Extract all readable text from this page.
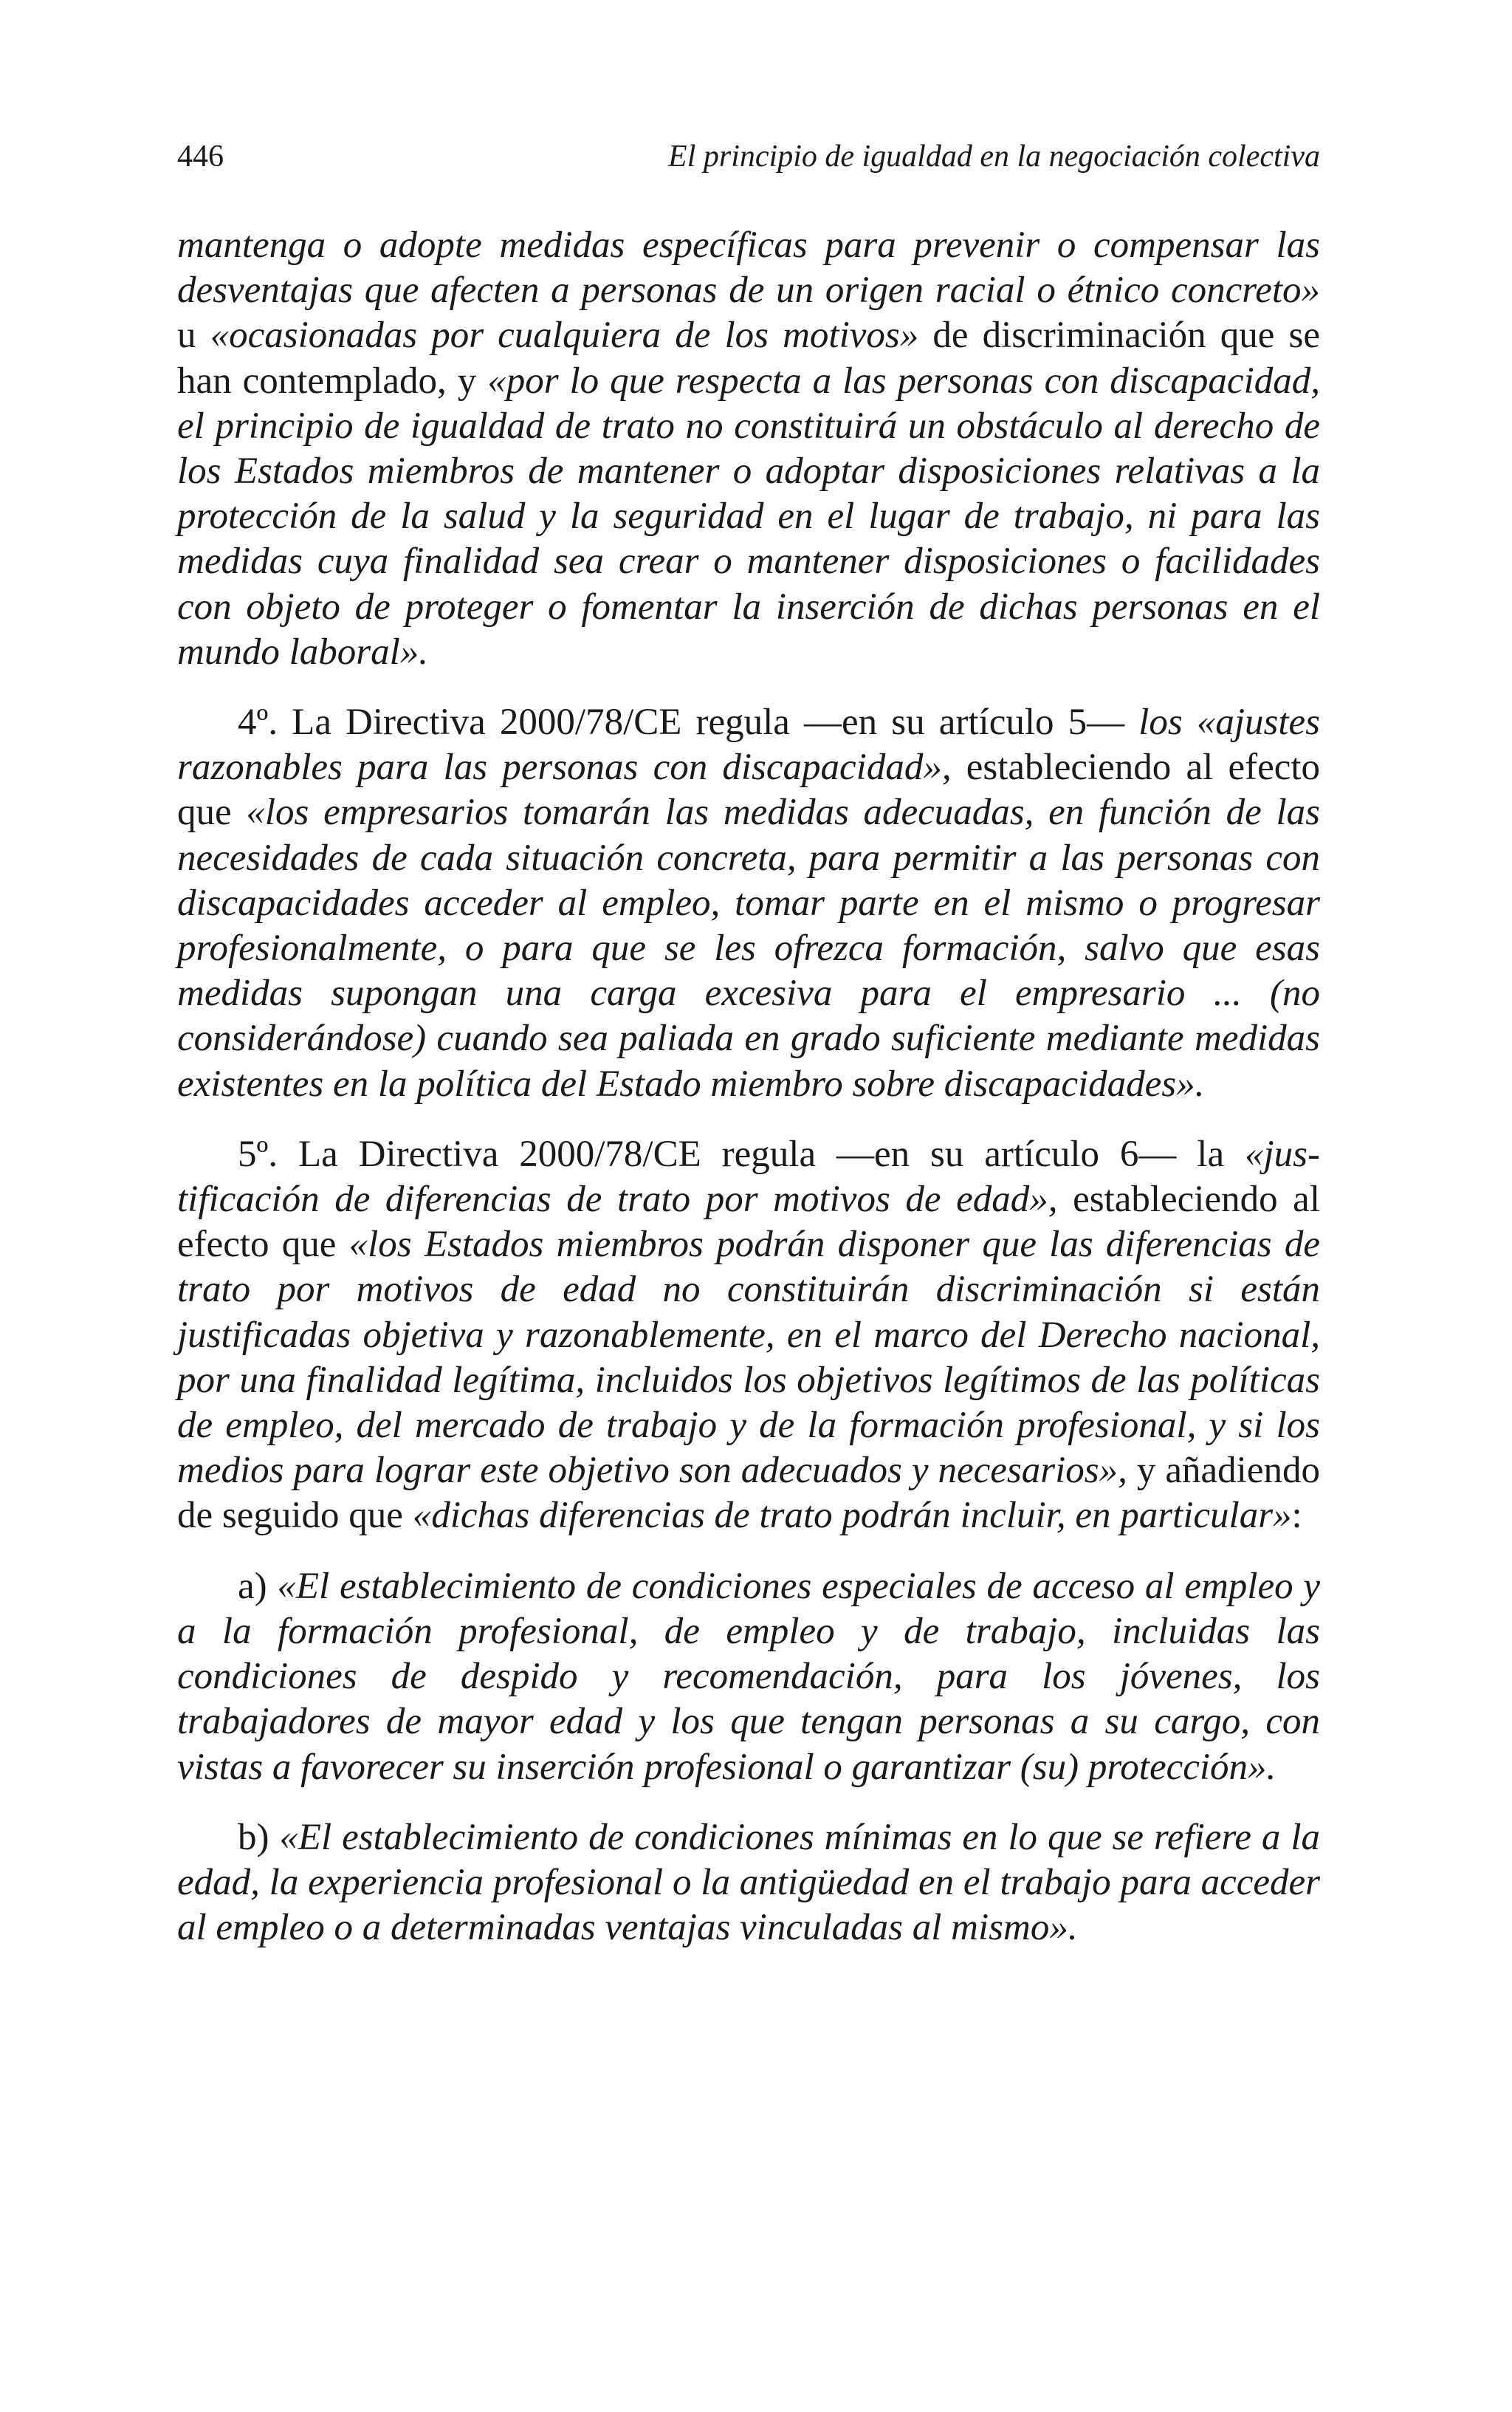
446	El principio de igualdad en la negociación colectiva

mantenga o adopte medidas específicas para prevenir o compensar las desventajas que afecten a personas de un origen racial o étnico concreto» u «ocasionadas por cualquiera de los motivos» de discriminación que se han contemplado, y «por lo que respecta a las personas con discapacidad, el principio de igualdad de trato no constituirá un obstáculo al derecho de los Estados miembros de mantener o adoptar disposiciones relativas a la protección de la salud y la seguridad en el lugar de trabajo, ni para las medidas cuya finalidad sea crear o mantener disposiciones o facilidades con objeto de proteger o fomentar la inserción de dichas personas en el mundo laboral».

4º. La Directiva 2000/78/CE regula —en su artículo 5— los «ajustes razonables para las personas con discapacidad», estableciendo al efecto que «los empresarios tomarán las medidas adecuadas, en función de las necesidades de cada situación concreta, para permitir a las personas con discapacidades acceder al empleo, tomar parte en el mismo o progresar profesionalmente, o para que se les ofrezca formación, salvo que esas medidas supongan una carga excesiva para el empresario ... (no considerándose) cuando sea paliada en grado suficiente mediante medidas existentes en la política del Estado miembro sobre discapacidades».

5º. La Directiva 2000/78/CE regula —en su artículo 6— la «justificación de diferencias de trato por motivos de edad», estableciendo al efecto que «los Estados miembros podrán disponer que las diferencias de trato por motivos de edad no constituirán discriminación si están justificadas objetiva y razonablemente, en el marco del Derecho nacional, por una finalidad legítima, incluidos los objetivos legítimos de las políticas de empleo, del mercado de trabajo y de la formación profesional, y si los medios para lograr este objetivo son adecuados y necesarios», y añadiendo de seguido que «dichas diferencias de trato podrán incluir, en particular»:

a) «El establecimiento de condiciones especiales de acceso al empleo y a la formación profesional, de empleo y de trabajo, incluidas las condiciones de despido y recomendación, para los jóvenes, los trabajadores de mayor edad y los que tengan personas a su cargo, con vistas a favorecer su inserción profesional o garantizar (su) protección».

b) «El establecimiento de condiciones mínimas en lo que se refiere a la edad, la experiencia profesional o la antigüedad en el trabajo para acceder al empleo o a determinadas ventajas vinculadas al mismo».
